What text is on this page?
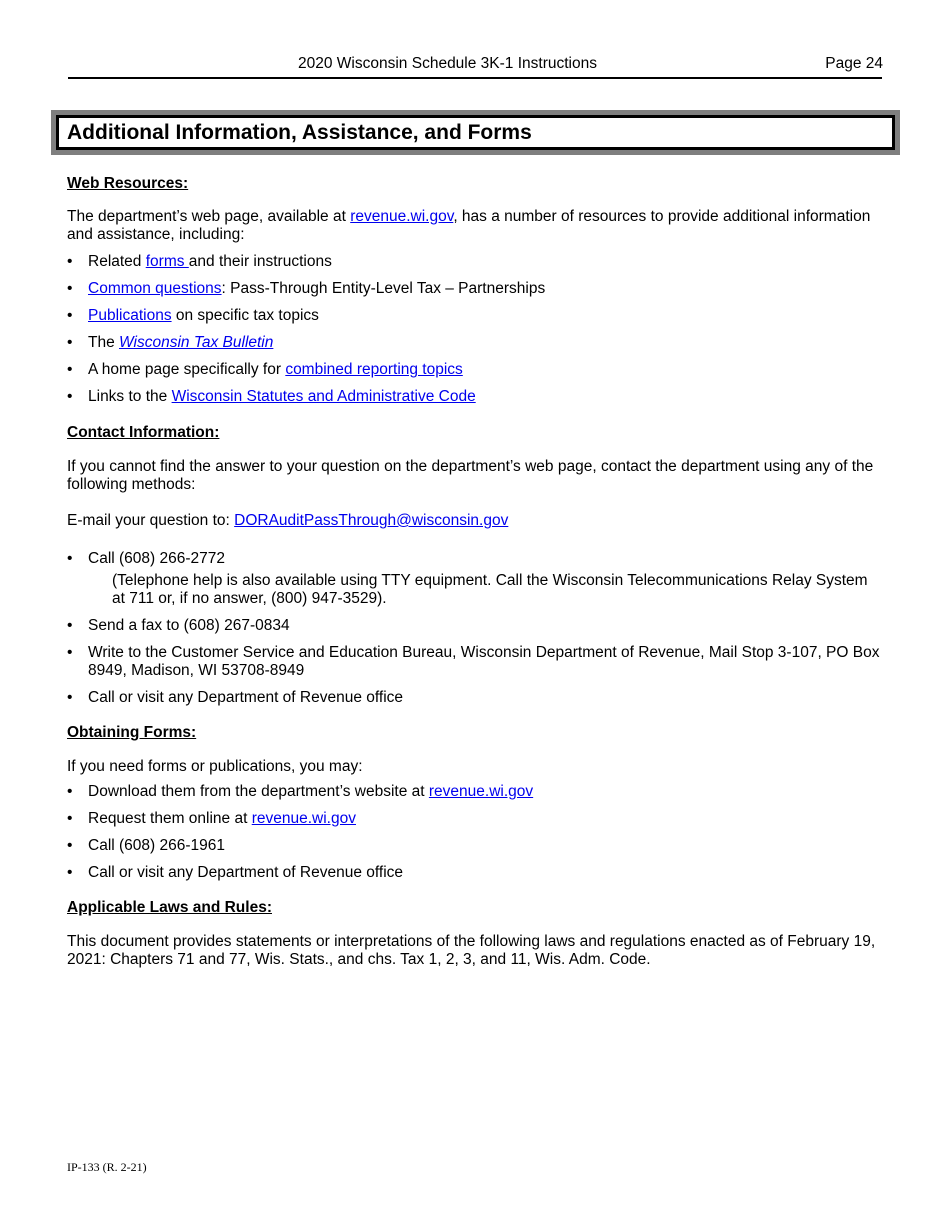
2020 Wisconsin Schedule 3K-1 Instructions	Page 24
Additional Information, Assistance, and Forms
Web Resources:

The department’s web page, available at revenue.wi.gov, has a number of resources to provide additional information and assistance, including:

• Related forms and their instructions
• Common questions: Pass-Through Entity-Level Tax – Partnerships
• Publications on specific tax topics
• The Wisconsin Tax Bulletin
• A home page specifically for combined reporting topics
• Links to the Wisconsin Statutes and Administrative Code
Contact Information:

If you cannot find the answer to your question on the department’s web page, contact the department using any of the following methods:

E-mail your question to: DORAuditPassThrough@wisconsin.gov

• Call (608) 266-2772

(Telephone help is also available using TTY equipment. Call the Wisconsin Telecommunications Relay System at 711 or, if no answer, (800) 947-3529).

• Send a fax to (608) 267-0834
• Write to the Customer Service and Education Bureau, Wisconsin Department of Revenue, Mail Stop 3-107, PO Box 8949, Madison, WI 53708-8949
• Call or visit any Department of Revenue office
Obtaining Forms:

If you need forms or publications, you may:

• Download them from the department’s website at revenue.wi.gov
• Request them online at revenue.wi.gov
• Call (608) 266-1961
• Call or visit any Department of Revenue office
Applicable Laws and Rules:

This document provides statements or interpretations of the following laws and regulations enacted as of February 19, 2021: Chapters 71 and 77, Wis. Stats., and chs. Tax 1, 2, 3, and 11, Wis. Adm. Code.

IP-133 (R. 2-21)
